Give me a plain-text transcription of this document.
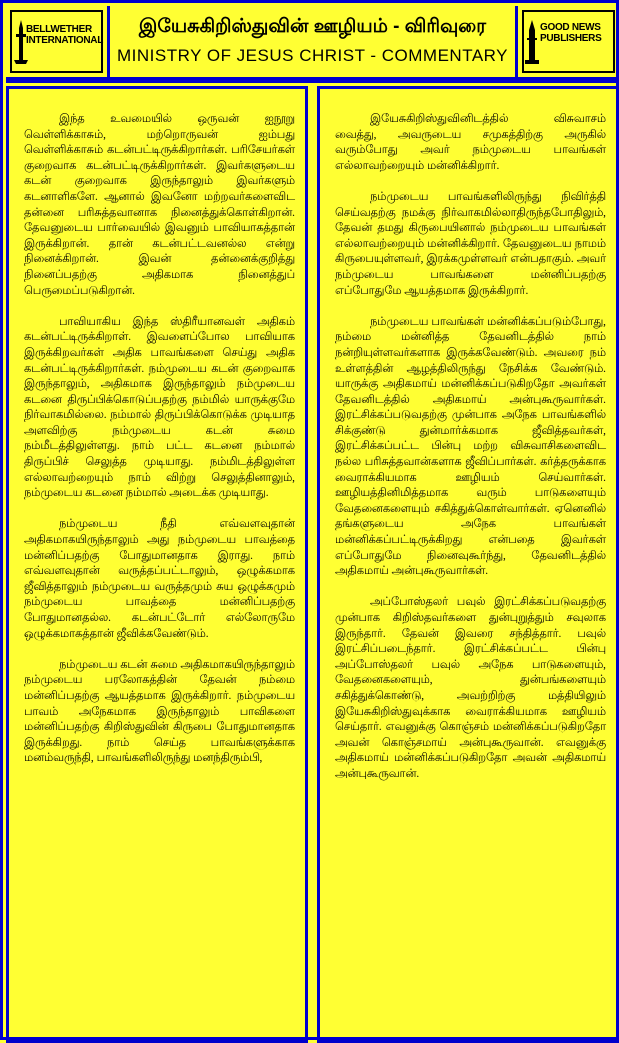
BELLWETHER
INTERNATIONAL
இயேசுகிறிஸ்துவின் ஊழியம் - விரிவுரை
MINISTRY OF JESUS CHRIST - COMMENTARY
GOOD NEWS
PUBLISHERS

இந்த உவமையில் ஒருவன் ஐநூறு வெள்ளிக்காசும், மற்றொருவன் ஐம்பது வெள்ளிக்காசும் கடன்பட்டிருக்கிறார்கள். பரிசேயர்கள் குறைவாக கடன்பட்டிருக்கிறார்கள். இவர்களுடைய கடன் குறைவாக இருந்தாலும் இவர்களும் கடனாளிகளே. ஆனால் இவனோ மற்றவர்களைவிட தன்னை பரிசுத்தவானாக நினைத்துக்கொள்கிறான். தேவனுடைய பார்வையில் இவனும் பாவியாகத்தான் இருக்கிறான். தான் கடன்பட்டவனல்ல என்று நினைக்கிறான். இவன் தன்னைக்குறித்து நினைப்பதற்கு அதிகமாக நினைத்துப் பெருமைப்படுகிறான்.

பாவியாகிய இந்த ஸ்திரீயானவள் அதிகம் கடன்பட்டிருக்கிறாள். இவளைப்போல பாவியாக இருக்கிறவர்கள் அதிக பாவங்களை செய்து அதிக கடன்பட்டிருக்கிறார்கள். நம்முடைய கடன் குறைவாக இருந்தாலும், அதிகமாக இருந்தாலும் நம்முடைய கடனை திருப்பிக்கொடுப்பதற்கு நம்மில் யாருக்குமே நிர்வாகமில்லை. நம்மால் திருப்பிக்கொடுக்க முடியாத அளவிற்கு நம்முடைய கடன் சுமை நம்மீடத்திலுள்ளது. நாம் பட்ட கடனை நம்மால் திருப்பிச் செலுத்த முடியாது. நம்மிடத்திலுள்ள எல்லாவற்றையும் நாம் விற்று செலுத்தினாலும், நம்முடைய கடனை நம்மால் அடைக்க முடியாது.

நம்முடைய நீதி எவ்வளவுதான் அதிகமாகயிருந்தாலும் அது நம்முடைய பாவத்தை மன்னிப்பதற்கு போதுமானதாக இராது. நாம் எவ்வளவுதான் வருத்தப்பட்டாலும், ஒழுக்கமாக ஜீவித்தாலும் நம்முடைய வருத்தமும் சுய ஒழுக்கமும் நம்முடைய பாவத்தை மன்னிப்பதற்கு போதுமானதல்ல. கடன்பட்டோர் எல்லோருமே ஒழுக்கமாகத்தான் ஜீவிக்கவேண்டும்.

நம்முடைய கடன் சுமை அதிகமாகயிருந்தாலும் நம்முடைய பரலோகத்தின் தேவன் நம்மை மன்னிப்பதற்கு ஆயத்தமாக இருக்கிறார். நம்முடைய பாவம் அநேகமாக இருந்தாலும் பாவிகளை மன்னிப்பதற்கு கிறிஸ்துவின் கிருபை போதுமானதாக இருக்கிறது. நாம் செய்த பாவங்களுக்காக மனம்வருந்தி, பாவங்களிலிருந்து மனந்திரும்பி,

இயேசுகிறிஸ்துவினிடத்தில் விசுவாசம் வைத்து, அவருடைய சமுகத்திற்கு அருகில் வரும்போது அவர் நம்முடைய பாவங்கள் எல்லாவற்றையும் மன்னிக்கிறார்.

நம்முடைய பாவங்களிலிருந்து நிவிர்த்தி செய்வதற்கு நமக்கு நிர்வாகமில்லாதிருந்தபோதிலும், தேவன் தமது கிருபையினால் நம்முடைய பாவங்கள் எல்லாவற்றையும் மன்னிக்கிறார். தேவனுடைய நாமம் கிருபையுள்ளவர், இரக்கமுள்ளவர் என்பதாகும். அவர் நம்முடைய பாவங்களை மன்னிப்பதற்கு எப்போதுமே ஆயத்தமாக இருக்கிறார்.

நம்முடைய பாவங்கள் மன்னிக்கப்படும்போது, நம்மை மன்னித்த தேவனிடத்தில் நாம் நன்றியுள்ளவர்களாக இருக்கவேண்டும். அவரை நம் உள்ளத்தின் ஆழத்திலிருந்து நேசிக்க வேண்டும். யாருக்கு அதிகமாய் மன்னிக்கப்படுகிறதோ அவர்கள் தேவனிடத்தில் அதிகமாய் அன்புகூருவார்கள். இரட்சிக்கப்படுவதற்கு முன்பாக அநேக பாவங்களில் சிக்குண்டு துன்மார்க்கமாக ஜீவித்தவர்கள், இரட்சிக்கப்பட்ட பின்பு மற்ற விசுவாசிகளைவிட நல்ல பரிசுத்தவான்களாக ஜீவிப்பார்கள். கர்த்தருக்காக வைராக்கியமாக ஊழியம் செய்வார்கள். ஊழியத்தினிமித்தமாக வரும் பாடுகளையும் வேதனைகளையும் சகித்துக்கொள்வார்கள். ஏனெனில் தங்களுடைய அநேக பாவங்கள் மன்னிக்கப்பட்டிருக்கிறது என்பதை இவர்கள் எப்போதுமே நினைவுகூர்ந்து, தேவனிடத்தில் அதிகமாய் அன்புகூருவார்கள்.

அப்போஸ்தலர் பவுல் இரட்சிக்கப்படுவதற்கு முன்பாக கிறிஸ்தவர்களை துன்புறுத்தும் சவுலாக இருந்தார். தேவன் இவரை சந்தித்தார். பவுல் இரட்சிப்படைந்தார். இரட்சிக்கப்பட்ட பின்பு அப்போஸ்தலர் பவுல் அநேக பாடுகளையும், வேதனைகளையும், துன்பங்களையும் சகித்துக்கொண்டு, அவற்றிற்கு மத்தியிலும் இயேசுகிறிஸ்துவுக்காக வைராக்கியமாக ஊழியம் செய்தார். எவனுக்கு கொஞ்சம் மன்னிக்கப்படுகிறதோ அவன் கொஞ்சமாய் அன்புகூருவான். எவனுக்கு அதிகமாய் மன்னிக்கப்படுகிறதோ அவன் அதிகமாய் அன்புகூருவான்.
